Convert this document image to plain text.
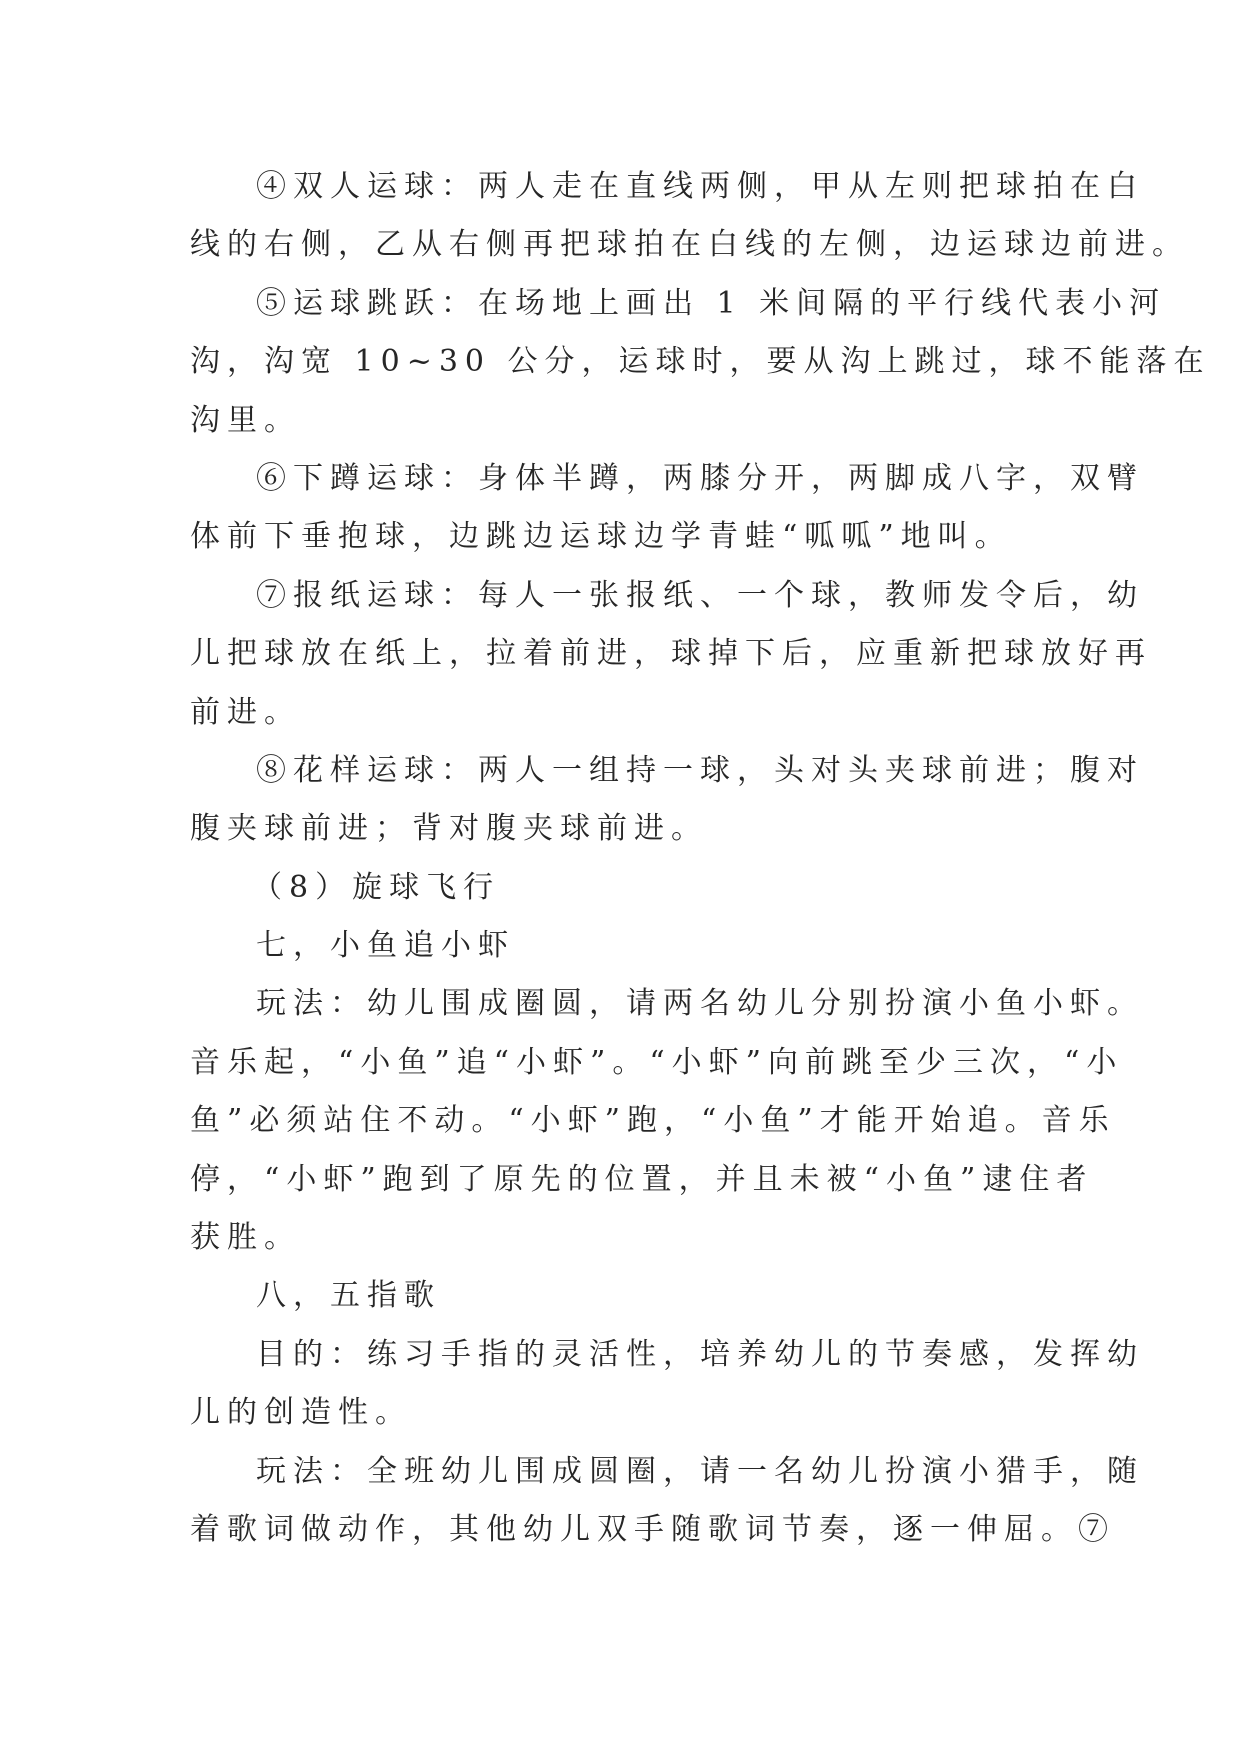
④双人运球：两人走在直线两侧，甲从左则把球拍在白
线的右侧，乙从右侧再把球拍在白线的左侧，边运球边前进。
⑤运球跳跃：在场地上画出 1 米间隔的平行线代表小河
沟，沟宽 10~30 公分，运球时，要从沟上跳过，球不能落在
沟里。
⑥下蹲运球：身体半蹲，两膝分开，两脚成八字，双臂
体前下垂抱球，边跳边运球边学青蛙“呱呱”地叫。
⑦报纸运球：每人一张报纸、一个球，教师发令后，幼
儿把球放在纸上，拉着前进，球掉下后，应重新把球放好再
前进。
⑧花样运球：两人一组持一球，头对头夹球前进；腹对
腹夹球前进；背对腹夹球前进。
（8）旋球飞行
七，小鱼追小虾
玩法：幼儿围成圈圆，请两名幼儿分别扮演小鱼小虾。
音乐起，“小鱼”追“小虾”。“小虾”向前跳至少三次，“小
鱼”必须站住不动。“小虾”跑，“小鱼”才能开始追。音乐
停，“小虾”跑到了原先的位置，并且未被“小鱼”逮住者
获胜。
八，五指歌
目的：练习手指的灵活性，培养幼儿的节奏感，发挥幼
儿的创造性。
玩法：全班幼儿围成圆圈，请一名幼儿扮演小猎手，随
着歌词做动作，其他幼儿双手随歌词节奏，逐一伸屈。⑦
